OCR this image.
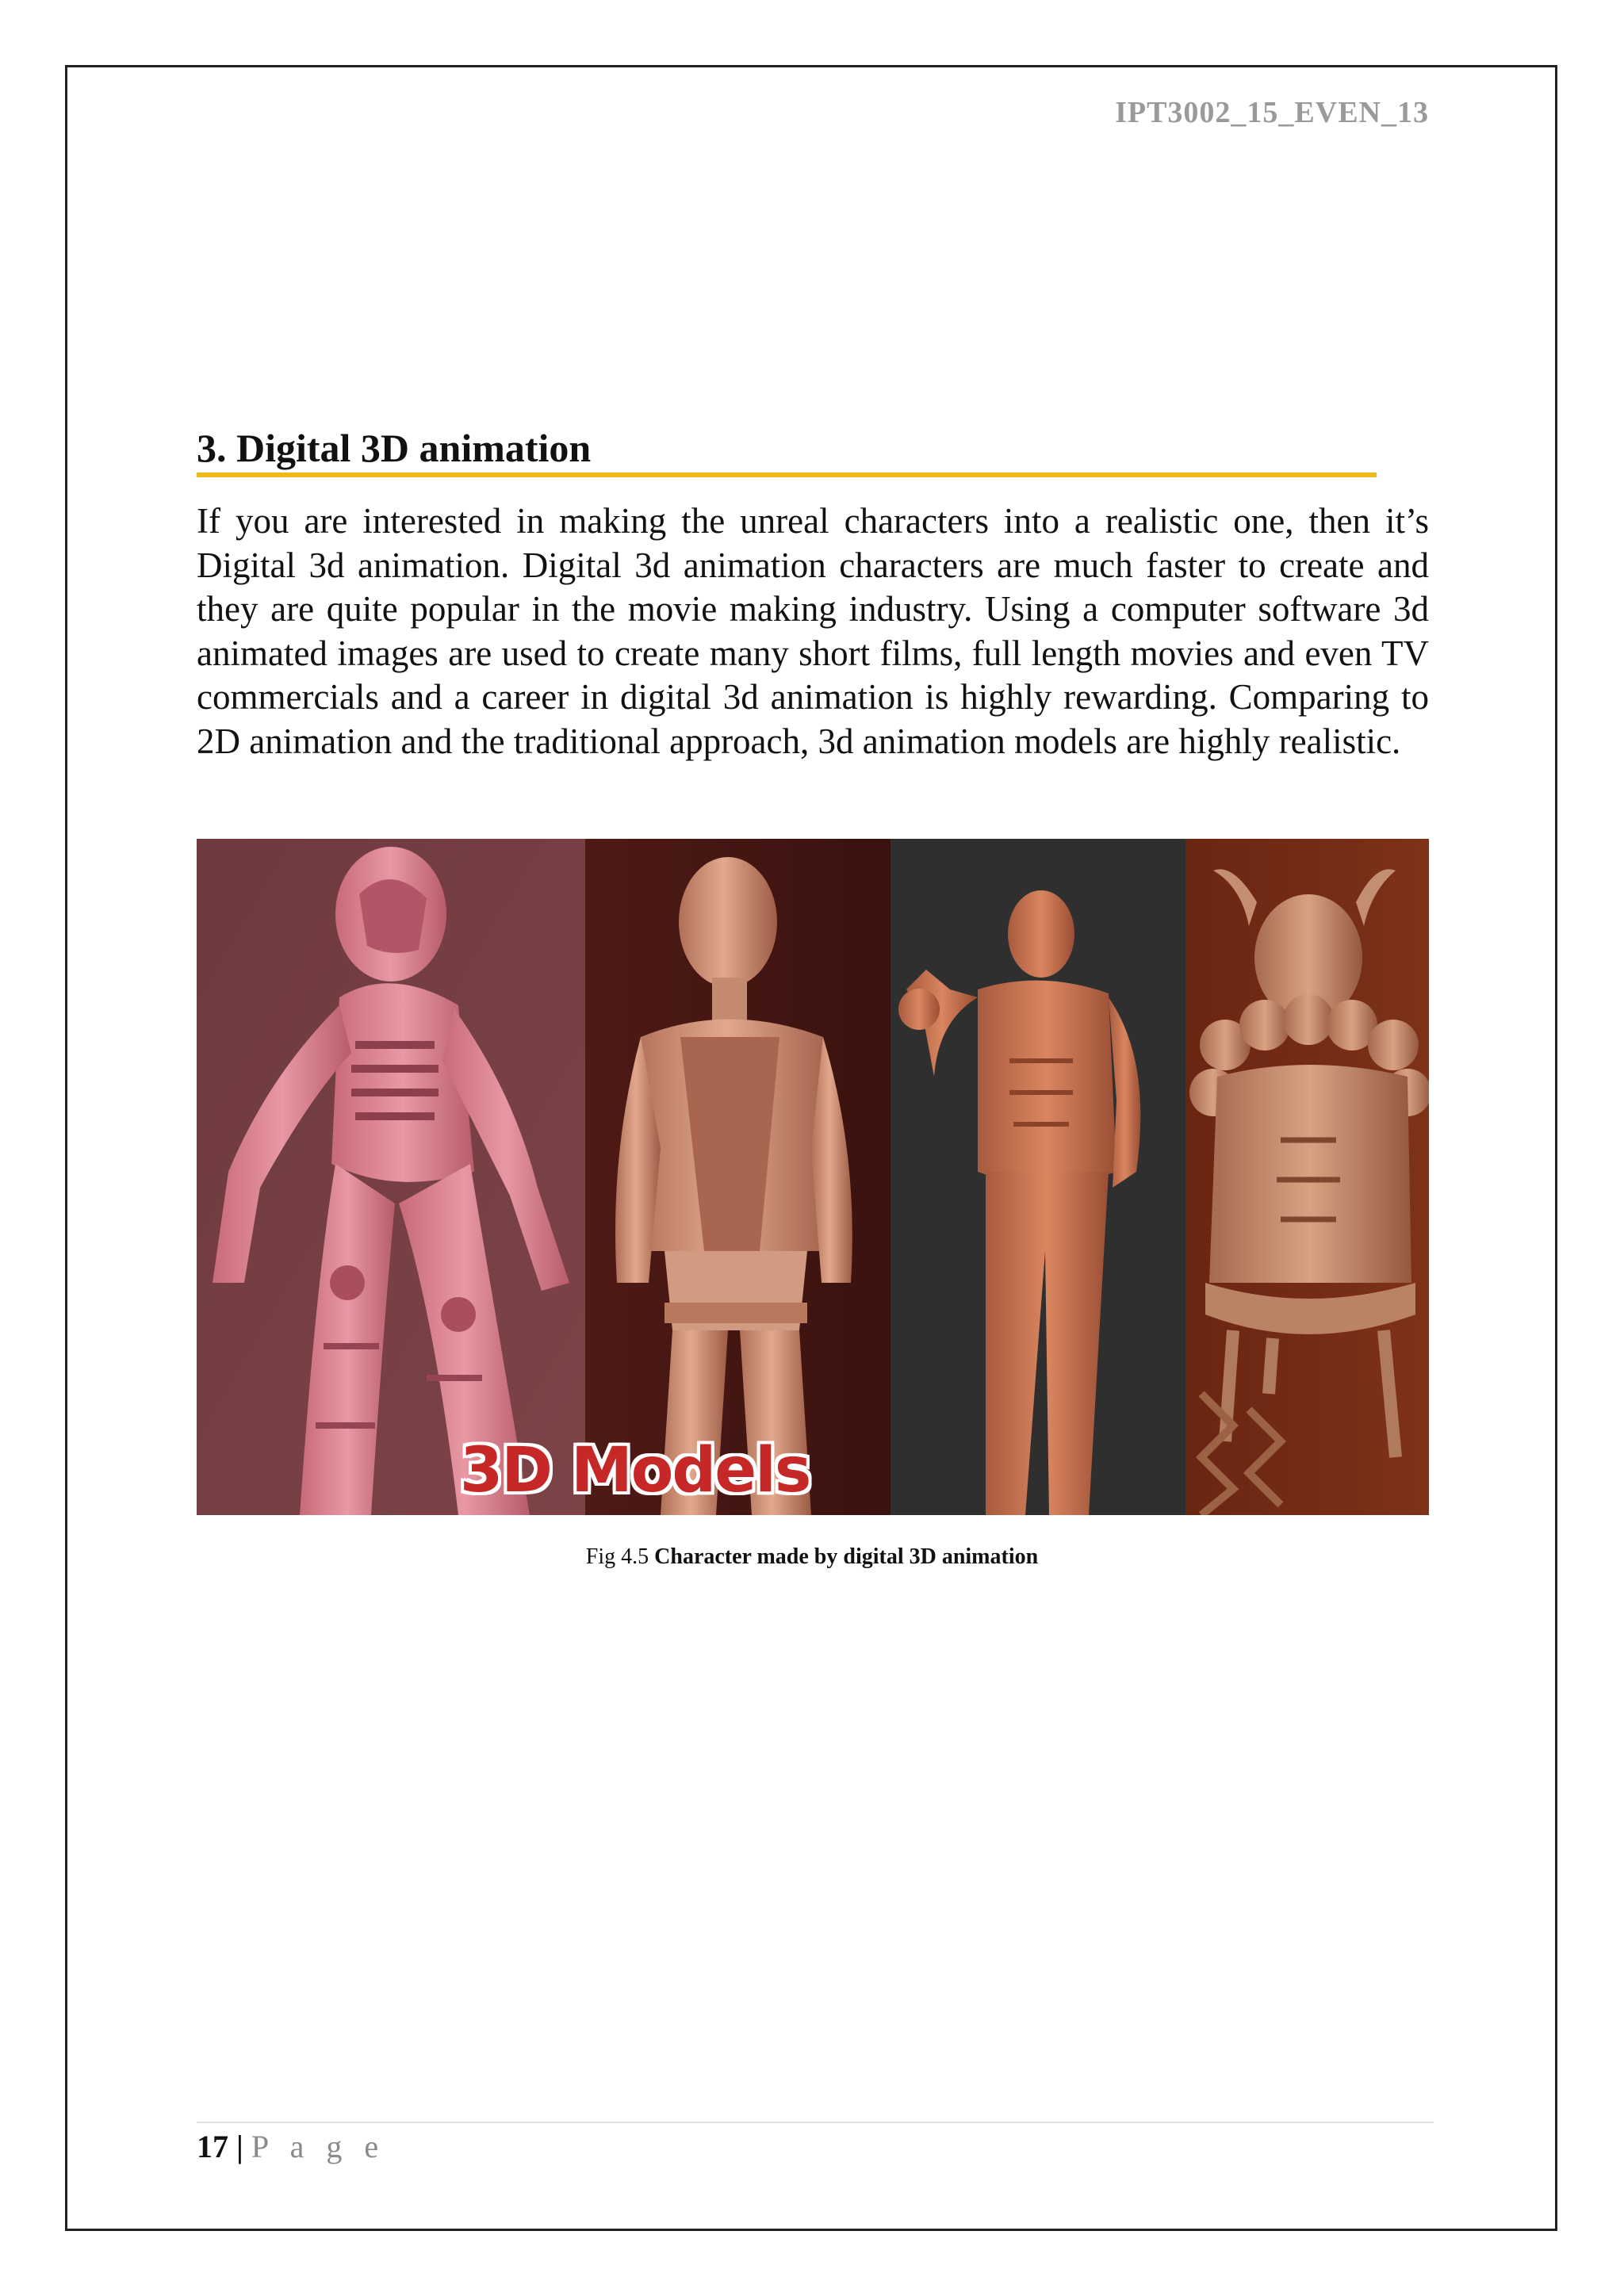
IPT3002_15_EVEN_13
3. Digital 3D animation

If you are interested in making the unreal characters into a realistic one, then it’s Digital 3d animation. Digital 3d animation characters are much faster to create and they are quite popular in the movie making industry. Using a computer software 3d animated images are used to create many short films, full length movies and even TV commercials and a career in digital 3d animation is highly rewarding. Comparing to 2D animation and the traditional approach, 3d animation models are highly realistic.

3D Models
Fig 4.5 Character made by digital 3D animation
17 | P a g e
